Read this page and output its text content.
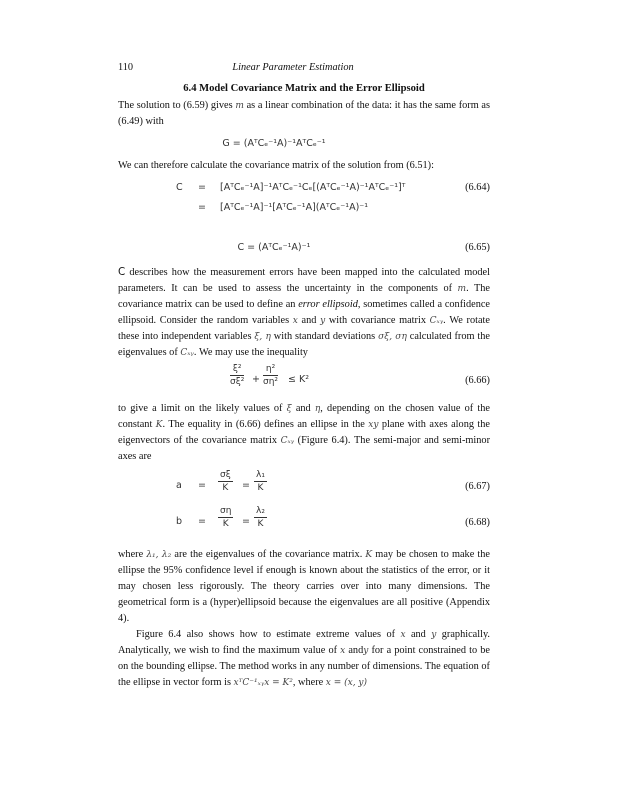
110	Linear Parameter Estimation
6.4 Model Covariance Matrix and the Error Ellipsoid

The solution to (6.59) gives m as a linear combination of the data: it has the same form as (6.49) with

G = (AᵀCₑ⁻¹A)⁻¹AᵀCₑ⁻¹

We can therefore calculate the covariance matrix of the solution from (6.51):

C = [AᵀCₑ⁻¹A]⁻¹AᵀCₑ⁻¹Cₑ[(AᵀCₑ⁻¹A)⁻¹AᵀCₑ⁻¹]ᵀ	(6.64)
= [AᵀCₑ⁻¹A]⁻¹[AᵀCₑ⁻¹A](AᵀCₑ⁻¹A)⁻¹
C = (AᵀCₑ⁻¹A)⁻¹	(6.65)

C describes how the measurement errors have been mapped into the calculated model parameters. It can be used to assess the uncertainty in the components of m. The covariance matrix can be used to define an error ellipsoid, sometimes called a confidence ellipsoid. Consider the random variables x and y with covariance matrix Cₓᵧ. We rotate these into independent variables ξ, η with standard deviations σξ, ση calculated from the eigenvalues of Cₓᵧ. We may use the inequality

$\frac{\text{ξ²}}{\text{σξ²}} + \frac{\text{η²}}{\text{ση²}} \le K^2$	(6.66)

to give a limit on the likely values of ξ and η, depending on the chosen value of the constant K. The equality in (6.66) defines an ellipse in the xy plane with axes along the eigenvectors of the covariance matrix Cₓᵧ (Figure 6.4). The semi-major and semi-minor axes are

$a = \frac{\sigma\xi}{K} = \frac{\text{λ₁}}{K}$	(6.67)
$b = \frac{\sigma\eta}{K} = \frac{\text{λ₂}}{K}$	(6.68)

where λ₁, λ₂ are the eigenvalues of the covariance matrix. K may be chosen to make the ellipse the 95% confidence level if enough is known about the statistics of the error, or it may chosen less rigorously. The theory carries over into many dimensions. The geometrical form is a (hyper)ellipsoid because the eigenvalues are all positive (Appendix 4).

Figure 6.4 also shows how to estimate extreme values of x and y graphically. Analytically, we wish to find the maximum value of x andy for a point constrained to be on the bounding ellipse. The method works in any number of dimensions. The equation of the ellipse in vector form is xᵀC⁻¹ₓᵧx = K², where x = (x, y)
